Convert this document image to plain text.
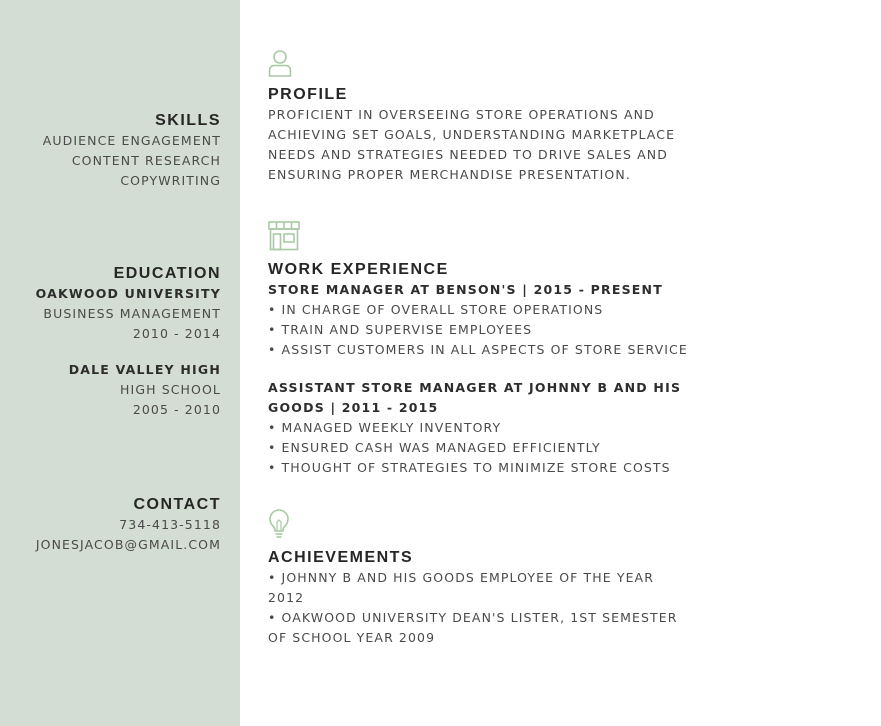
SKILLS
AUDIENCE ENGAGEMENT
CONTENT RESEARCH
COPYWRITING
EDUCATION
OAKWOOD UNIVERSITY
BUSINESS MANAGEMENT
2010 - 2014
DALE VALLEY HIGH
HIGH SCHOOL
2005 - 2010
CONTACT
734-413-5118
JONESJACOB@GMAIL.COM
PROFILE
PROFICIENT IN OVERSEEING STORE OPERATIONS AND
ACHIEVING SET GOALS, UNDERSTANDING MARKETPLACE
NEEDS AND STRATEGIES NEEDED TO DRIVE SALES AND
ENSURING PROPER MERCHANDISE PRESENTATION.
WORK EXPERIENCE
STORE MANAGER AT BENSON'S | 2015 - PRESENT
• IN CHARGE OF OVERALL STORE OPERATIONS
• TRAIN AND SUPERVISE EMPLOYEES
• ASSIST CUSTOMERS IN ALL ASPECTS OF STORE SERVICE
ASSISTANT STORE MANAGER AT JOHNNY B AND HIS
GOODS | 2011 - 2015
• MANAGED WEEKLY INVENTORY
• ENSURED CASH WAS MANAGED EFFICIENTLY
• THOUGHT OF STRATEGIES TO MINIMIZE STORE COSTS
ACHIEVEMENTS
• JOHNNY B AND HIS GOODS EMPLOYEE OF THE YEAR
2012
• OAKWOOD UNIVERSITY DEAN'S LISTER, 1ST SEMESTER
OF SCHOOL YEAR 2009
